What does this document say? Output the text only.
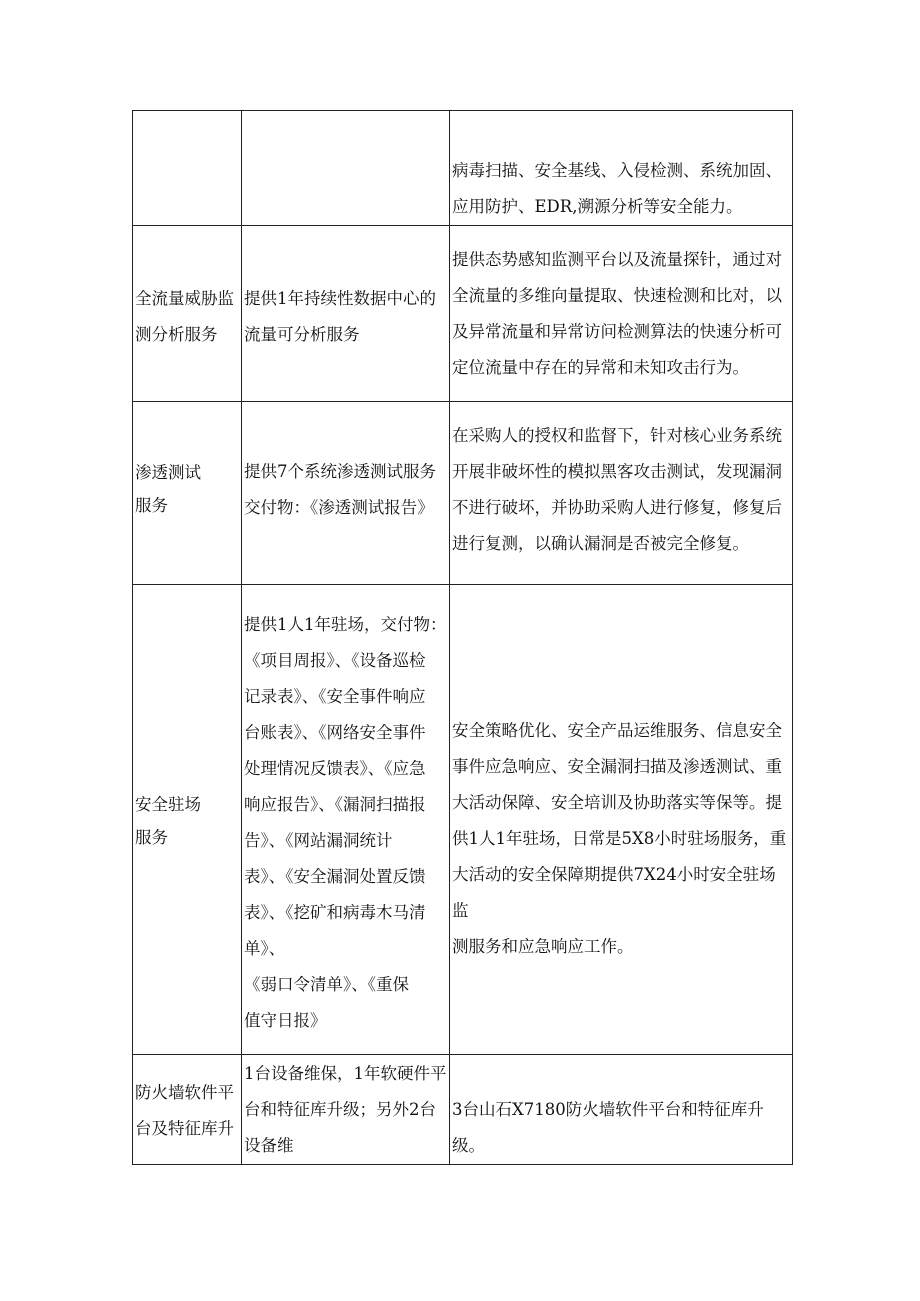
病毒扫描、安全基线、入侵检测、系统加固、
应用防护、EDR,溯源分析等安全能力。
全流量威胁监
测分析服务
提供1年持续性数据中心的
流量可分析服务
提供态势感知监测平台以及流量探针，通过对
全流量的多维向量提取、快速检测和比对，以
及异常流量和异常访问检测算法的快速分析可
定位流量中存在的异常和未知攻击行为。
渗透测试
服务
提供7个系统渗透测试服务
交付物：《渗透测试报告》
在采购人的授权和监督下，针对核心业务系统
开展非破坏性的模拟黑客攻击测试，发现漏洞
不进行破坏，并协助采购人进行修复，修复后
进行复测，以确认漏洞是否被完全修复。
安全驻场
服务
提供1人1年驻场，交付物：
《项目周报》、《设备巡检
记录表》、《安全事件响应
台账表》、《网络安全事件
处理情况反馈表》、《应急
响应报告》、《漏洞扫描报
告》、《网站漏洞统计
表》、《安全漏洞处置反馈
表》、《挖矿和病毒木马清
单》、
《弱口令清单》、《重保
值守日报》
安全策略优化、安全产品运维服务、信息安全
事件应急响应、安全漏洞扫描及渗透测试、重
大活动保障、安全培训及协助落实等保等。提
供1人1年驻场，日常是5X8小时驻场服务，重
大活动的安全保障期提供7X24小时安全驻场监
测服务和应急响应工作。
防火墙软件平
台及特征库升
1台设备维保，1年软硬件平
台和特征库升级；另外2台
设备维
3台山石X7180防火墙软件平台和特征库升级。
